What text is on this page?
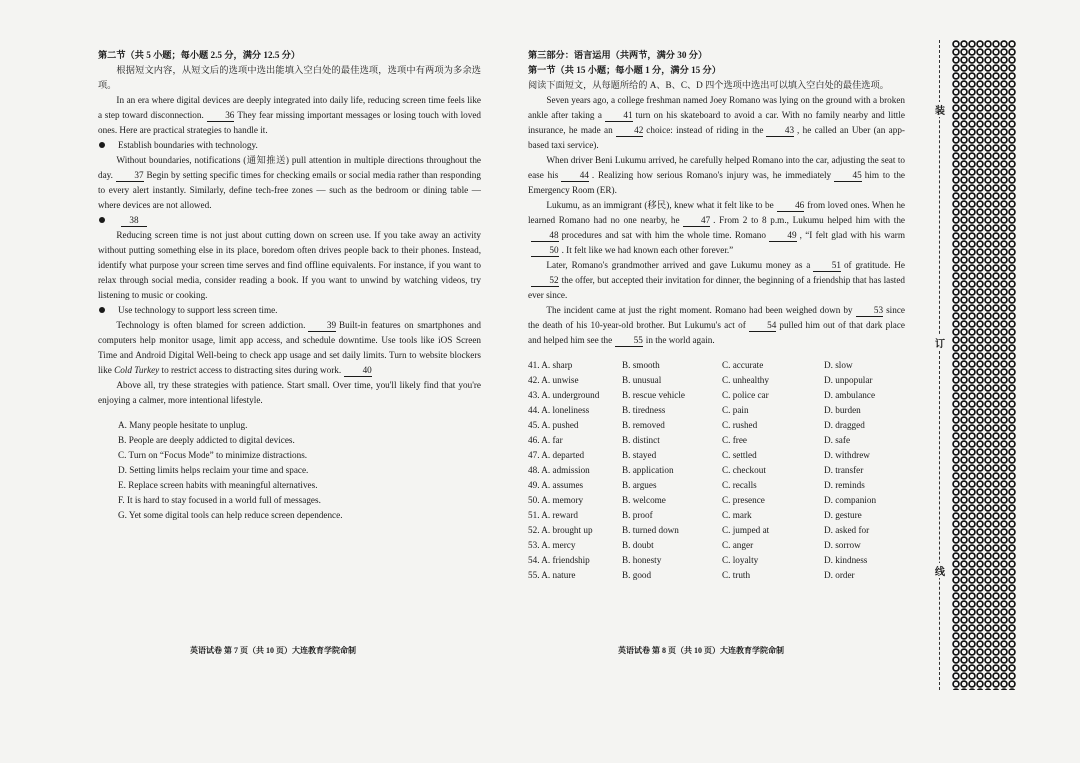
第二节（共 5 小题；每小题 2.5 分，满分 12.5 分）

根据短文内容，从短文后的选项中选出能填入空白处的最佳选项，选项中有两项为多余选项。

In an era where digital devices are deeply integrated into daily life, reducing screen time feels like a step toward disconnection. 36 They fear missing important messages or losing touch with loved ones. Here are practical strategies to handle it.

Establish boundaries with technology.

Without boundaries, notifications (通知推送) pull attention in multiple directions throughout the day. 37 Begin by setting specific times for checking emails or social media rather than responding to every alert instantly. Similarly, define tech-free zones — such as the bedroom or dining table — where devices are not allowed.

38

Reducing screen time is not just about cutting down on screen use. If you take away an activity without putting something else in its place, boredom often drives people back to their phones. Instead, identify what purpose your screen time serves and find offline equivalents. For instance, if you want to relax through social media, consider reading a book. If you want to unwind by watching videos, try listening to music or cooking.

Use technology to support less screen time.

Technology is often blamed for screen addiction. 39 Built-in features on smartphones and computers help monitor usage, limit app access, and schedule downtime. Use tools like iOS Screen Time and Android Digital Well-being to check app usage and set daily limits. Turn to website blockers like Cold Turkey to restrict access to distracting sites during work. 40

Above all, try these strategies with patience. Start small. Over time, you'll likely find that you're enjoying a calmer, more intentional lifestyle.

A. Many people hesitate to unplug.

B. People are deeply addicted to digital devices.

C. Turn on “Focus Mode” to minimize distractions.

D. Setting limits helps reclaim your time and space.

E. Replace screen habits with meaningful alternatives.

F. It is hard to stay focused in a world full of messages.

G. Yet some digital tools can help reduce screen dependence.

第三部分：语言运用（共两节，满分 30 分）

第一节（共 15 小题；每小题 1 分，满分 15 分）

阅读下面短文，从每题所给的 A、B、C、D 四个选项中选出可以填入空白处的最佳选项。

Seven years ago, a college freshman named Joey Romano was lying on the ground with a broken ankle after taking a 41 turn on his skateboard to avoid a car. With no family nearby and little insurance, he made an 42 choice: instead of riding in the 43 , he called an Uber (an app-based taxi service).

When driver Beni Lukumu arrived, he carefully helped Romano into the car, adjusting the seat to ease his 44 . Realizing how serious Romano's injury was, he immediately 45 him to the Emergency Room (ER).

Lukumu, as an immigrant (移民), knew what it felt like to be 46 from loved ones. When he learned Romano had no one nearby, he 47 . From 2 to 8 p.m., Lukumu helped him with the48 procedures and sat with him the whole time. Romano 49 , “I felt glad with his warm50 . It felt like we had known each other forever.”

Later, Romano's grandmother arrived and gave Lukumu money as a 51 of gratitude. He52 the offer, but accepted their invitation for dinner, the beginning of a friendship that has lasted ever since.

The incident came at just the right moment. Romano had been weighed down by 53 since the death of his 10-year-old brother. But Lukumu's act of 54 pulled him out of that dark place and helped him see the 55 in the world again.

41. A. sharp	B. smooth	C. accurate	D. slow
42. A. unwise	B. unusual	C. unhealthy	D. unpopular
43. A. underground	B. rescue vehicle	C. police car	D. ambulance
44. A. loneliness	B. tiredness	C. pain	D. burden
45. A. pushed	B. removed	C. rushed	D. dragged
46. A. far	B. distinct	C. free	D. safe
47. A. departed	B. stayed	C. settled	D. withdrew
48. A. admission	B. application	C. checkout	D. transfer
49. A. assumes	B. argues	C. recalls	D. reminds
50. A. memory	B. welcome	C. presence	D. companion
51. A. reward	B. proof	C. mark	D. gesture
52. A. brought up	B. turned down	C. jumped at	D. asked for
53. A. mercy	B. doubt	C. anger	D. sorrow
54. A. friendship	B. honesty	C. loyalty	D. kindness
55. A. nature	B. good	C. truth	D. order
英语试卷 第 7 页（共 10 页）大连教育学院命制	英语试卷 第 8 页（共 10 页）大连教育学院命制
装
订
线
